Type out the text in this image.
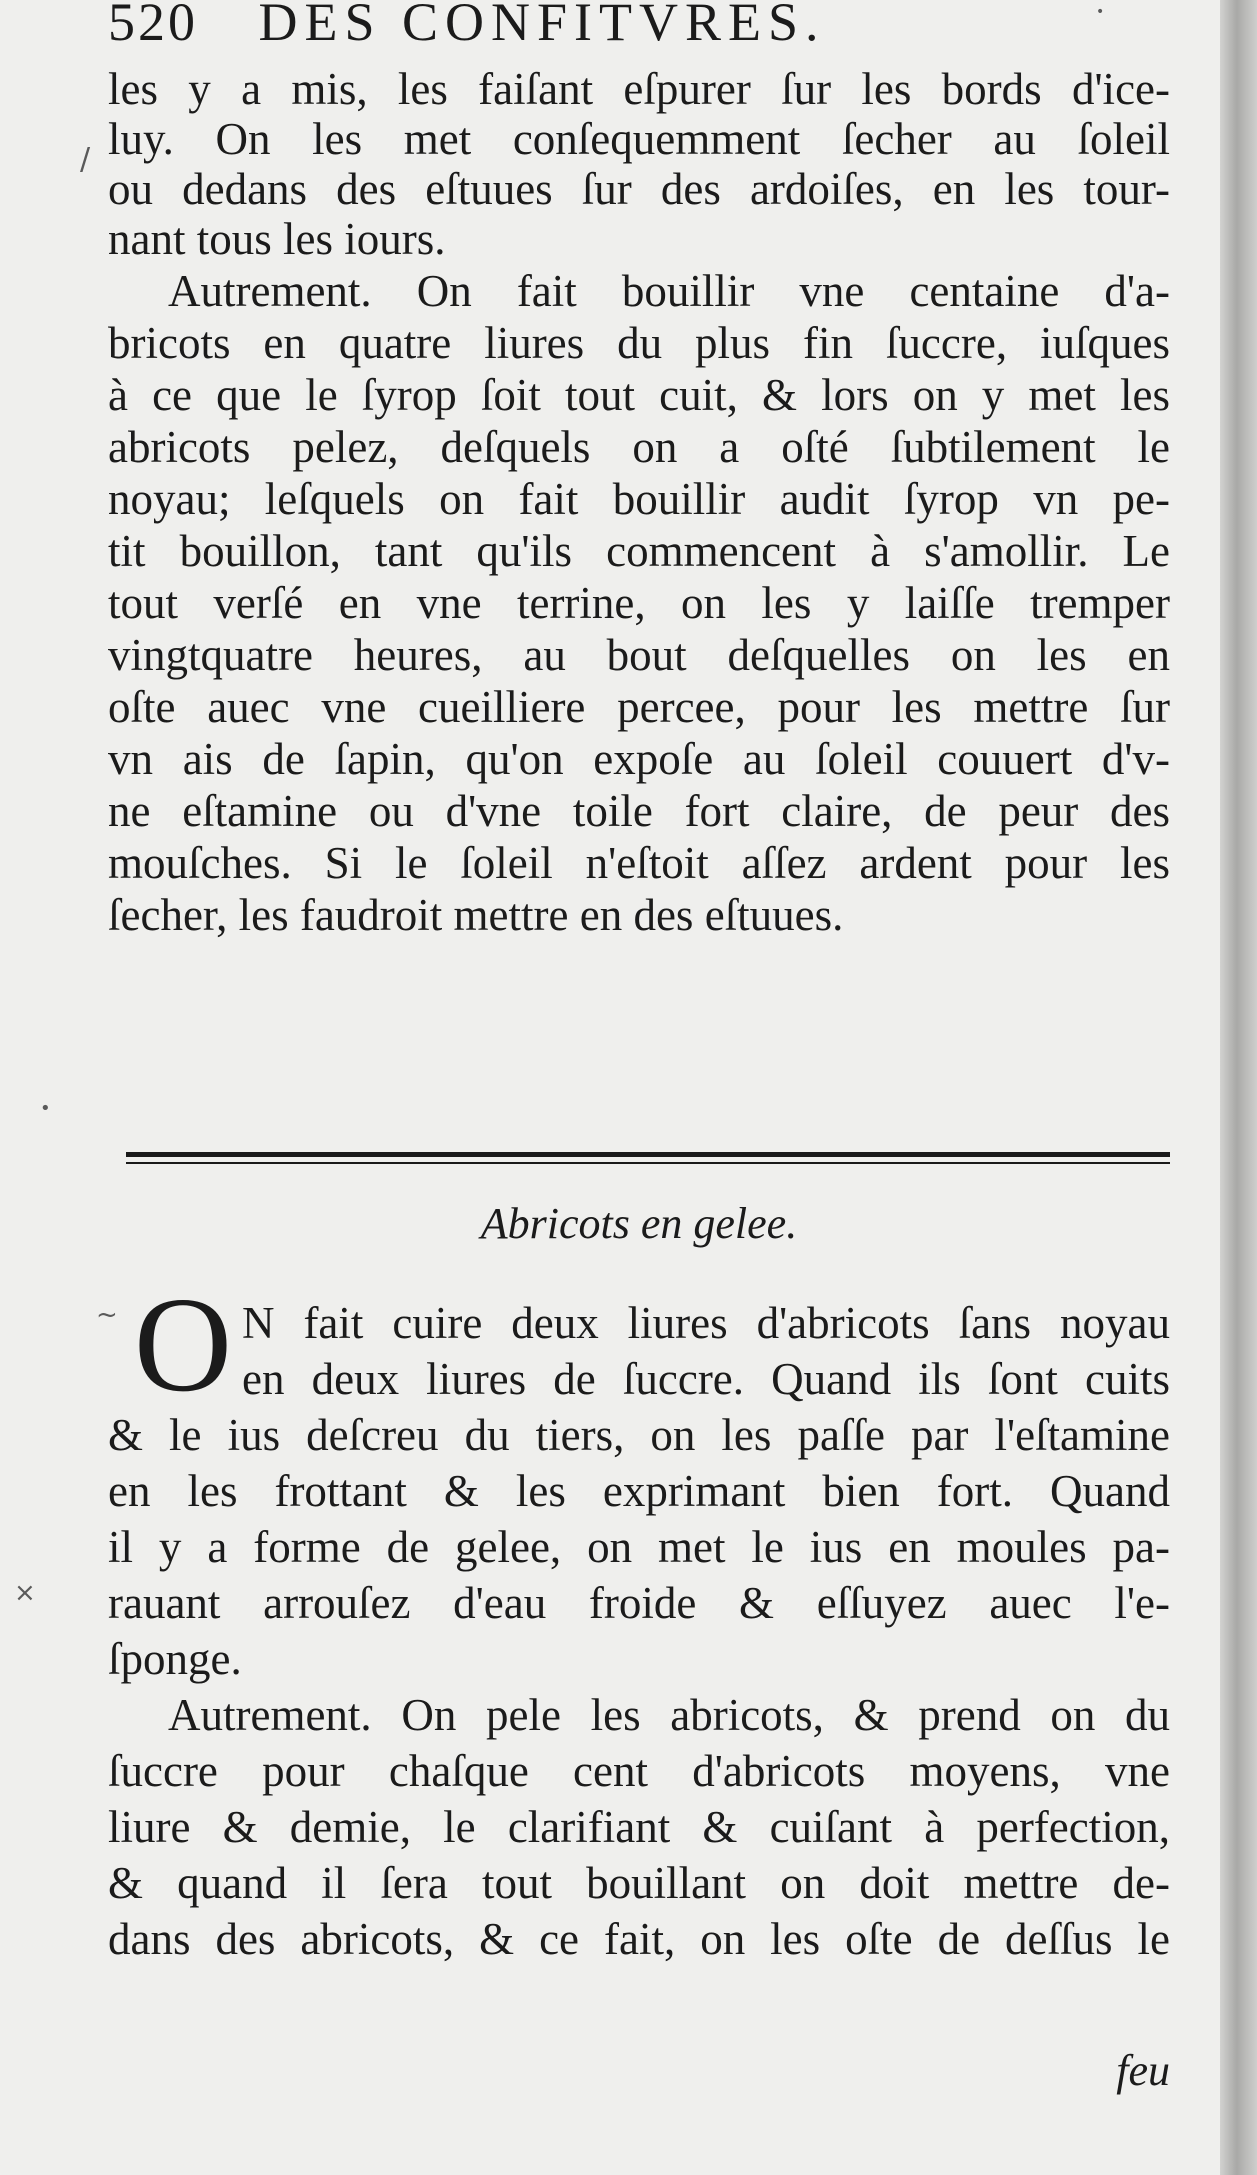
520 DES CONFITVRES.
les y a mis, les faiſant eſpurer ſur les bords d'ice-
luy. On les met conſequemment ſecher au ſoleil
ou dedans des eſtuues ſur des ardoiſes, en les tour-
nant tous les iours.
Autrement. On fait bouillir vne centaine d'a-
bricots en quatre liures du plus fin ſuccre, iuſques
à ce que le ſyrop ſoit tout cuit, & lors on y met les
abricots pelez, deſquels on a oſté ſubtilement le
noyau; leſquels on fait bouillir audit ſyrop vn pe-
tit bouillon, tant qu'ils commencent à s'amollir. Le
tout verſé en vne terrine, on les y laiſſe tremper
vingtquatre heures, au bout deſquelles on les en
oſte auec vne cueilliere percee, pour les mettre ſur
vn ais de ſapin, qu'on expoſe au ſoleil couuert d'v-
ne eſtamine ou d'vne toile fort claire, de peur des
mouſches. Si le ſoleil n'eſtoit aſſez ardent pour les
ſecher, les faudroit mettre en des eſtuues.
Abricots en gelee.
O N fait cuire deux liures d'abricots ſans noyau
en deux liures de ſuccre. Quand ils ſont cuits
& le ius deſcreu du tiers, on les paſſe par l'eſtamine
en les frottant & les exprimant bien fort. Quand
il y a forme de gelee, on met le ius en moules pa-
rauant arrouſez d'eau froide & eſſuyez auec l'e-
ſponge.
Autrement. On pele les abricots, & prend on du
ſuccre pour chaſque cent d'abricots moyens, vne
liure & demie, le clarifiant & cuiſant à perfection,
& quand il ſera tout bouillant on doit mettre de-
dans des abricots, & ce fait, on les oſte de deſſus le
feu
/
•
×
~
•
